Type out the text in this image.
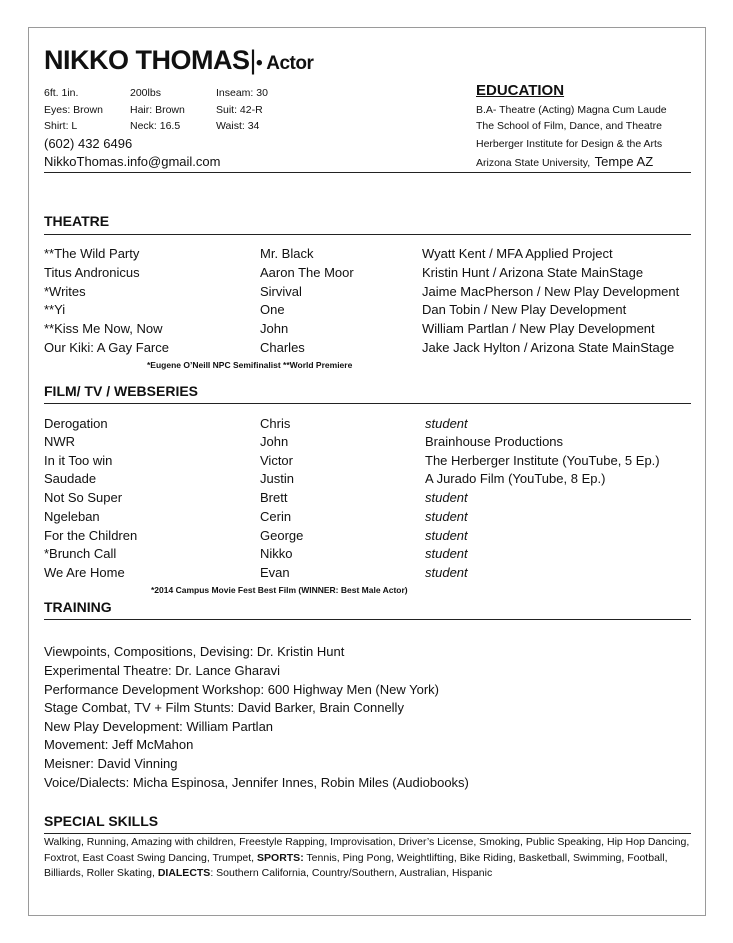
NIKKO THOMAS|• Actor
6ft. 1in.	200lbs	Inseam: 30
Eyes: Brown	Hair: Brown	Suit: 42-R
Shirt: L	Neck: 16.5	Waist: 34
(602) 432 6496
NikkoThomas.info@gmail.com
EDUCATION
B.A- Theatre (Acting) Magna Cum Laude
The School of Film, Dance, and Theatre
Herberger Institute for Design & the Arts
Arizona State University, Tempe AZ
THEATRE
**The Wild Party	Mr. Black	Wyatt Kent / MFA Applied Project
Titus Andronicus	Aaron The Moor	Kristin Hunt / Arizona State MainStage
*Writes	Sirvival	Jaime MacPherson / New Play Development
**Yi	One	Dan Tobin / New Play Development
**Kiss Me Now, Now	John	William Partlan / New Play Development
Our Kiki: A Gay Farce	Charles	Jake Jack Hylton / Arizona State MainStage
*Eugene O’Neill NPC Semifinalist **World Premiere
FILM/ TV / WEBSERIES
Derogation	Chris	student
NWR	John	Brainhouse Productions
In it Too win	Victor	The Herberger Institute (YouTube, 5 Ep.)
Saudade	Justin	A Jurado Film (YouTube, 8 Ep.)
Not So Super	Brett	student
Ngeleban	Cerin	student
For the Children	George	student
*Brunch Call	Nikko	student
We Are Home	Evan	student
*2014 Campus Movie Fest Best Film (WINNER: Best Male Actor)
TRAINING
Viewpoints, Compositions, Devising: Dr. Kristin Hunt
Experimental Theatre: Dr. Lance Gharavi
Performance Development Workshop: 600 Highway Men (New York)
Stage Combat, TV + Film Stunts: David Barker, Brain Connelly
New Play Development: William Partlan
Movement: Jeff McMahon
Meisner: David Vinning
Voice/Dialects: Micha Espinosa, Jennifer Innes, Robin Miles (Audiobooks)
SPECIAL SKILLS
Walking, Running, Amazing with children, Freestyle Rapping, Improvisation, Driver’s License, Smoking, Public Speaking, Hip Hop Dancing, Foxtrot, East Coast Swing Dancing, Trumpet, SPORTS: Tennis, Ping Pong, Weightlifting, Bike Riding, Basketball, Swimming, Football, Billiards, Roller Skating, DIALECTS: Southern California, Country/Southern, Australian, Hispanic
